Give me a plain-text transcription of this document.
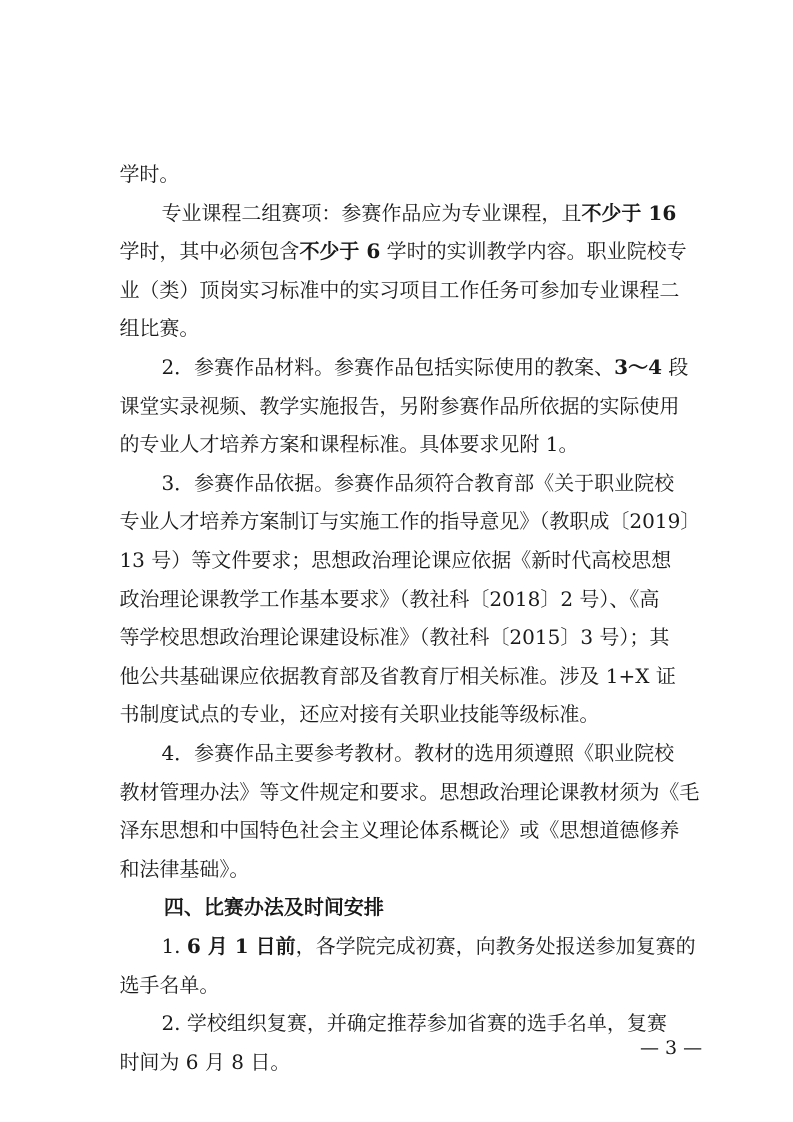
学时。

专业课程二组赛项：参赛作品应为专业课程，且不少于 16

学时，其中必须包含不少于 6 学时的实训教学内容。职业院校专

业（类）顶岗实习标准中的实习项目工作任务可参加专业课程二

组比赛。

2．参赛作品材料。参赛作品包括实际使用的教案、3～4 段

课堂实录视频、教学实施报告，另附参赛作品所依据的实际使用

的专业人才培养方案和课程标准。具体要求见附 1。

3．参赛作品依据。参赛作品须符合教育部《关于职业院校

专业人才培养方案制订与实施工作的指导意见》（教职成〔2019〕

13 号）等文件要求；思想政治理论课应依据《新时代高校思想

政治理论课教学工作基本要求》（教社科〔2018〕2 号）、《高

等学校思想政治理论课建设标准》（教社科〔2015〕3 号）；其

他公共基础课应依据教育部及省教育厅相关标准。涉及 1+X 证

书制度试点的专业，还应对接有关职业技能等级标准。

4．参赛作品主要参考教材。教材的选用须遵照《职业院校

教材管理办法》等文件规定和要求。思想政治理论课教材须为《毛

泽东思想和中国特色社会主义理论体系概论》或《思想道德修养

和法律基础》。

四、比赛办法及时间安排

1. 6 月 1 日前，各学院完成初赛，向教务处报送参加复赛的

选手名单。

2. 学校组织复赛，并确定推荐参加省赛的选手名单，复赛

时间为 6 月 8 日。

— 3 —
